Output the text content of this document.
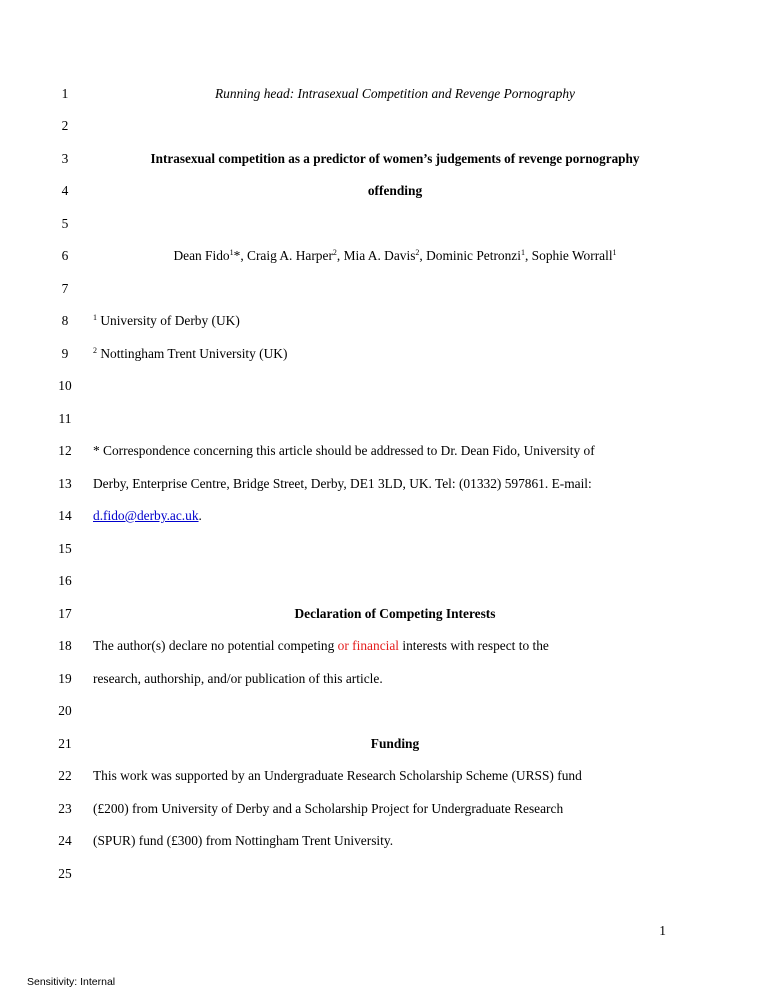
1
2
3
4
5
6
7
8
9
10
11
12
13
14
15
16
17
18
19
20
21
22
23
24
25
Running head: Intrasexual Competition and Revenge Pornography
Intrasexual competition as a predictor of women’s judgements of revenge pornography
offending
Dean Fido$^1$*, Craig A. Harper$^2$, Mia A. Davis$^2$, Dominic Petronzi$^1$, Sophie Worrall$^1$
$^1$ University of Derby (UK)
$^2$ Nottingham Trent University (UK)
* Correspondence concerning this article should be addressed to Dr. Dean Fido, University of
Derby, Enterprise Centre, Bridge Street, Derby, DE1 3LD, UK. Tel: (01332) 597861. E-mail:
d.fido@derby.ac.uk.
Declaration of Competing Interests
The author(s) declare no potential competing or financial interests with respect to the
research, authorship, and/or publication of this article.
Funding
This work was supported by an Undergraduate Research Scholarship Scheme (URSS) fund
(£200) from University of Derby and a Scholarship Project for Undergraduate Research
(SPUR) fund (£300) from Nottingham Trent University.
1
Sensitivity: Internal
